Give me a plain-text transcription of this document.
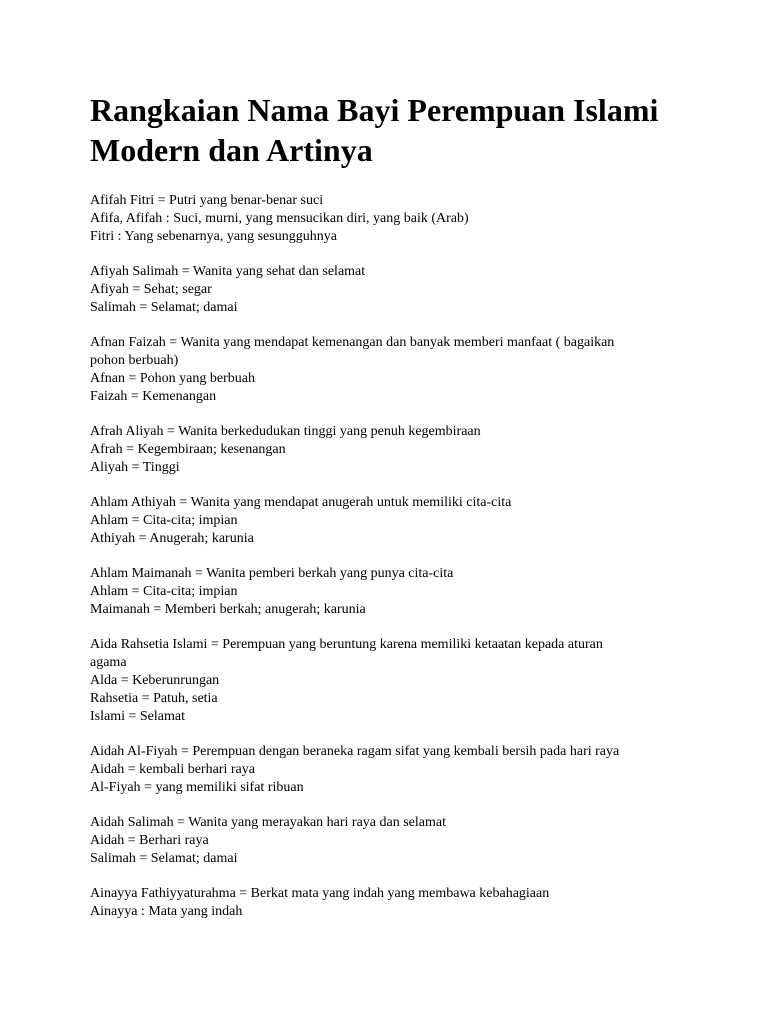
Rangkaian Nama Bayi Perempuan Islami
Modern dan Artinya
Afifah Fitri = Putri yang benar-benar suci
Afifa, Afifah : Suci, murni, yang mensucikan diri, yang baik (Arab)
Fitri : Yang sebenarnya, yang sesungguhnya
Afiyah Salimah = Wanita yang sehat dan selamat
Afiyah = Sehat; segar
Salimah = Selamat; damai
Afnan Faizah = Wanita yang mendapat kemenangan dan banyak memberi manfaat ( bagaikan
pohon berbuah)
Afnan = Pohon yang berbuah
Faizah = Kemenangan
Afrah Aliyah = Wanita berkedudukan tinggi yang penuh kegembiraan
Afrah = Kegembiraan; kesenangan
Aliyah = Tinggi
Ahlam Athiyah = Wanita yang mendapat anugerah untuk memiliki cita-cita
Ahlam = Cita-cita; impian
Athiyah = Anugerah; karunia
Ahlam Maimanah = Wanita pemberi berkah yang punya cita-cita
Ahlam = Cita-cita; impian
Maimanah = Memberi berkah; anugerah; karunia
Aida Rahsetia Islami = Perempuan yang beruntung karena memiliki ketaatan kepada aturan
agama
Alda = Keberunrungan
Rahsetia = Patuh, setia
Islami = Selamat
Aidah Al-Fiyah = Perempuan dengan beraneka ragam sifat yang kembali bersih pada hari raya
Aidah = kembali berhari raya
Al-Fiyah = yang memiliki sifat ribuan
Aidah Salimah = Wanita yang merayakan hari raya dan selamat
Aidah = Berhari raya
Salimah = Selamat; damai
Ainayya Fathiyyaturahma = Berkat mata yang indah yang membawa kebahagiaan
Ainayya : Mata yang indah
